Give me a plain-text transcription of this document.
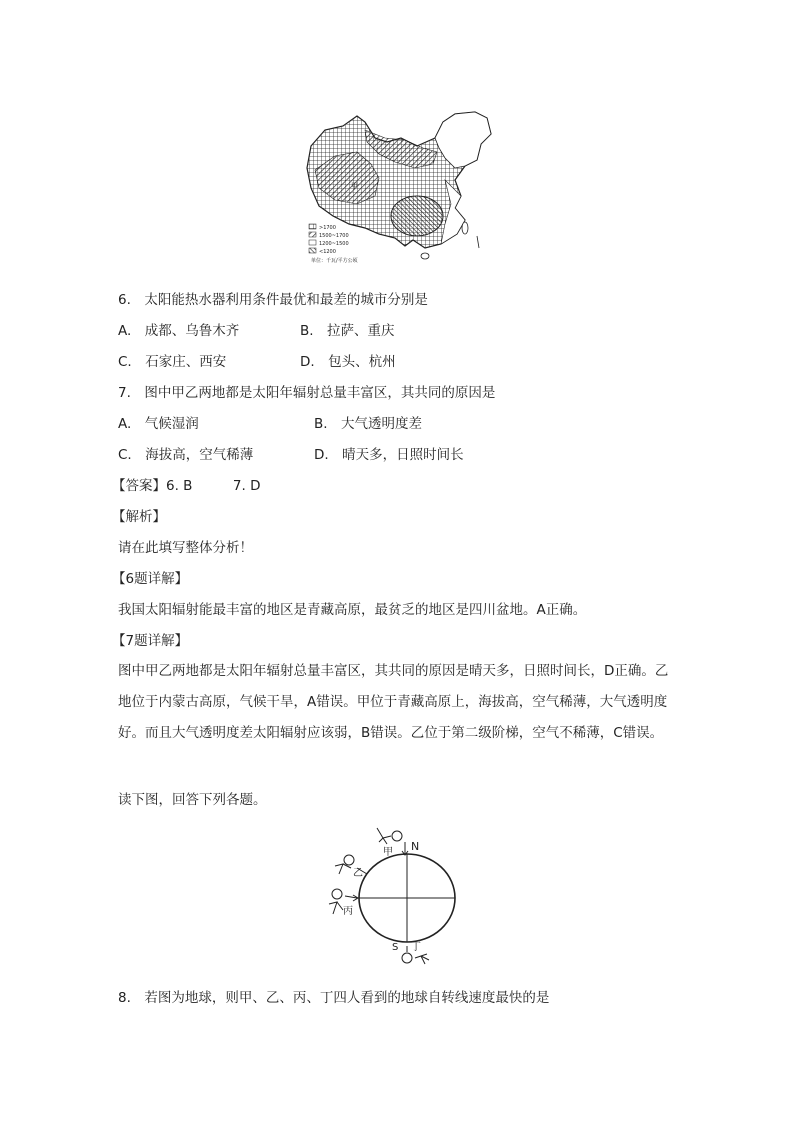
甲
>1700
1500~1700
1200~1500
<1200
单位：千瓦/平方公顷
6.　太阳能热水器利用条件最优和最差的城市分别是
A.　成都、乌鲁木齐	B.　拉萨、重庆
C.　石家庄、西安	D.　包头、杭州
7.　图中甲乙两地都是太阳年辐射总量丰富区，其共同的原因是
A.　气候湿润	B.　大气透明度差
C.　海拔高，空气稀薄	D.　晴天多，日照时间长
【答案】6. B　　　7. D
【解析】
请在此填写整体分析！
【6题详解】
我国太阳辐射能最丰富的地区是青藏高原，最贫乏的地区是四川盆地。A正确。
【7题详解】
图中甲乙两地都是太阳年辐射总量丰富区，其共同的原因是晴天多，日照时间长，D正确。乙地位于内蒙古高原，气候干旱，A错误。甲位于青藏高原上，海拔高，空气稀薄，大气透明度好。而且大气透明度差太阳辐射应该弱，B错误。乙位于第二级阶梯，空气不稀薄，C错误。
读下图，回答下列各题。
N
S
甲
乙
丙
丁
8.　若图为地球，则甲、乙、丙、丁四人看到的地球自转线速度最快的是
